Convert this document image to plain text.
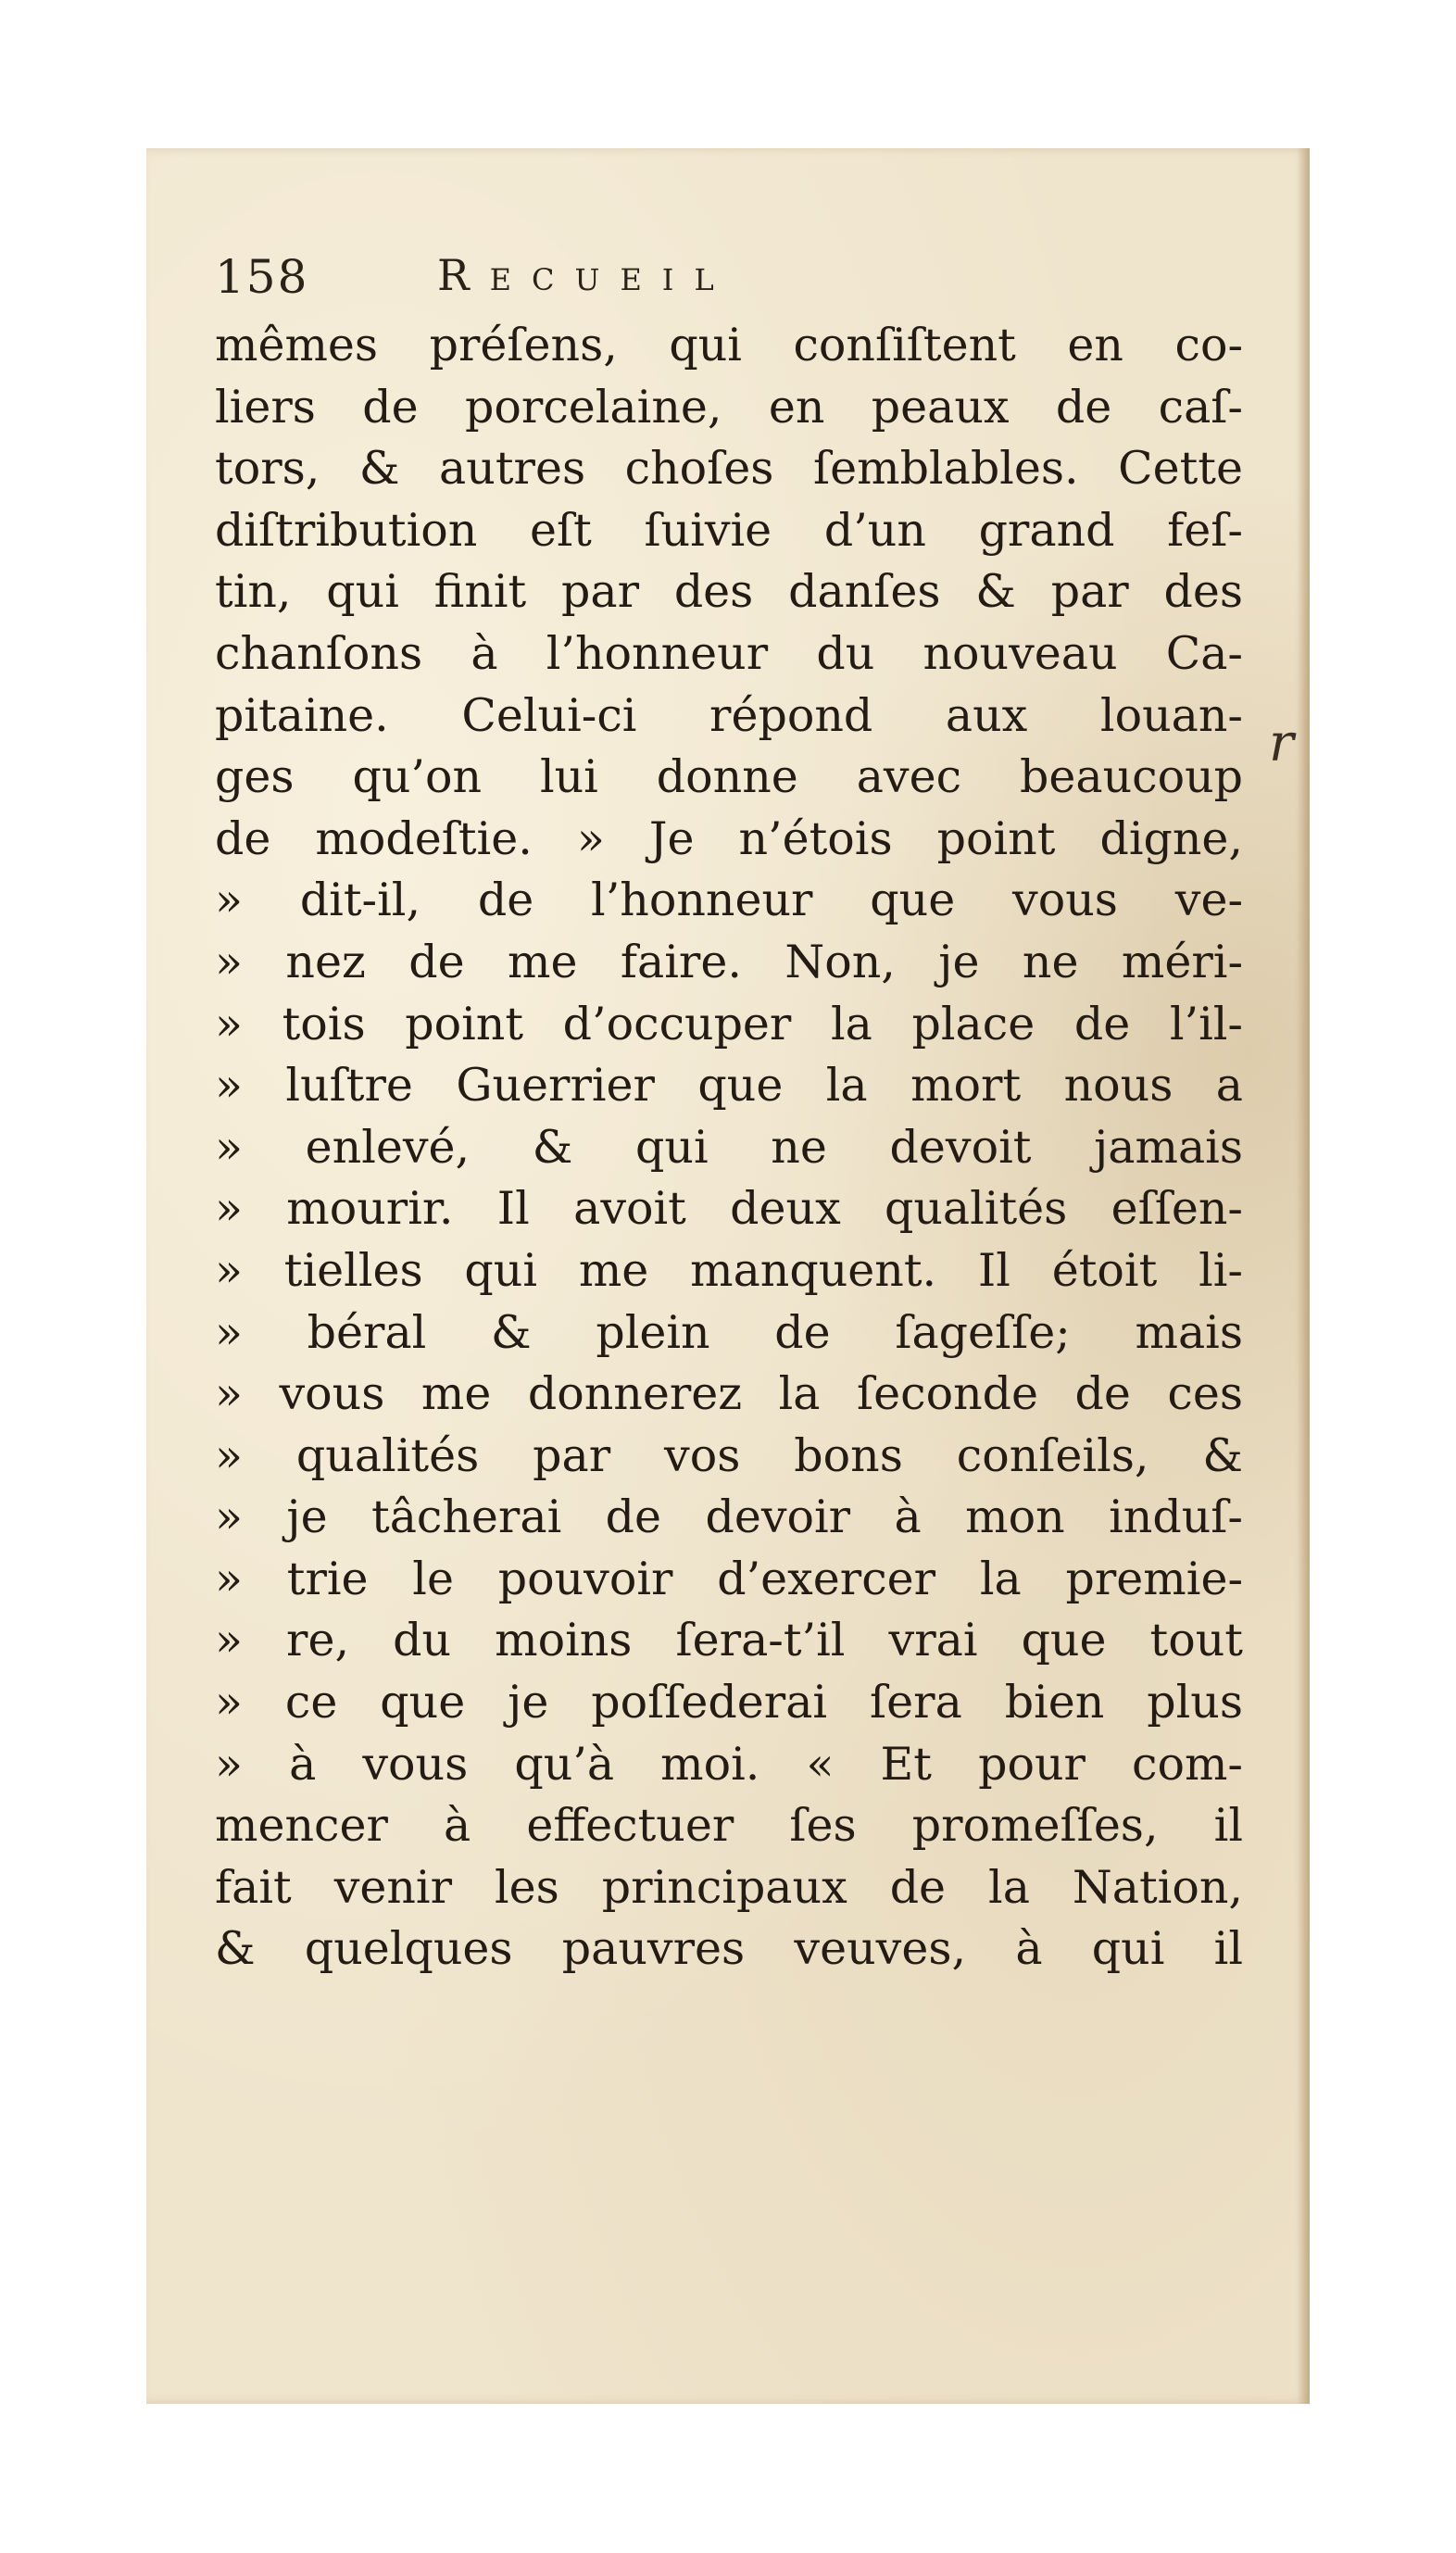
158	Recueil
mêmes préſens, qui conſiſtent en co-
liers de porcelaine, en peaux de caſ-
tors, & autres choſes ſemblables. Cette
diſtribution eſt ſuivie d’un grand feſ-
tin, qui finit par des danſes & par des
chanſons à l’honneur du nouveau Ca-
pitaine. Celui-ci répond aux louan-
ges qu’on lui donne avec beaucoup
de modeſtie. » Je n’étois point digne,
» dit-il, de l’honneur que vous ve-
» nez de me faire. Non, je ne méri-
» tois point d’occuper la place de l’il-
» luſtre Guerrier que la mort nous a
» enlevé, & qui ne devoit jamais
» mourir. Il avoit deux qualités eſſen-
» tielles qui me manquent. Il étoit li-
» béral & plein de ſageſſe; mais
» vous me donnerez la ſeconde de ces
» qualités par vos bons conſeils, &
» je tâcherai de devoir à mon induſ-
» trie le pouvoir d’exercer la premie-
» re, du moins ſera-t’il vrai que tout
» ce que je poſſederai ſera bien plus
» à vous qu’à moi. « Et pour com-
mencer à effectuer ſes promeſſes, il
fait venir les principaux de la Nation,
& quelques pauvres veuves, à qui il
r
